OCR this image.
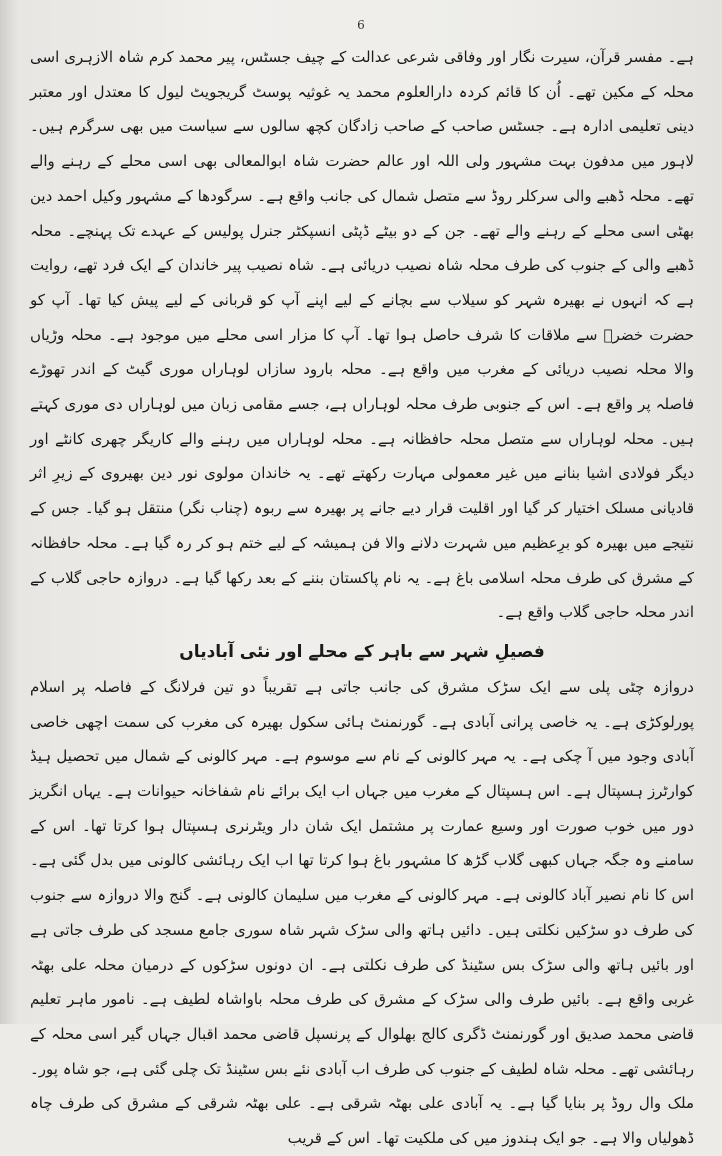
6

ہے۔ مفسر قرآن، سیرت نگار اور وفاقی شرعی عدالت کے چیف جسٹس، پیر محمد کرم شاہ الازہری اسی محلہ کے مکین تھے۔ اُن کا قائم کردہ دارالعلوم محمد یہ غوثیہ پوسٹ گریجویٹ لیول کا معتدل اور معتبر دینی تعلیمی ادارہ ہے۔ جسٹس صاحب کے صاحب زادگان کچھ سالوں سے سیاست میں بھی سرگرم ہیں۔ لاہور میں مدفون بہت مشہور ولی اللہ اور عالم حضرت شاہ ابوالمعالی بھی اسی محلے کے رہنے والے تھے۔ محلہ ڈھبے والی سرکلر روڈ سے متصل شمال کی جانب واقع ہے۔ سرگودھا کے مشہور وکیل احمد دین بھٹی اسی محلے کے رہنے والے تھے۔ جن کے دو بیٹے ڈپٹی انسپکٹر جنرل پولیس کے عہدے تک پہنچے۔ محلہ ڈھبے والی کے جنوب کی طرف محلہ شاہ نصیب دریائی ہے۔ شاہ نصیب پیر خاندان کے ایک فرد تھے، روایت ہے کہ انہوں نے بھیرہ شہر کو سیلاب سے بچانے کے لیے اپنے آپ کو قربانی کے لیے پیش کیا تھا۔ آپ کو حضرت خضرؑ سے ملاقات کا شرف حاصل ہوا تھا۔ آپ کا مزار اسی محلے میں موجود ہے۔ محلہ وڑیاں والا محلہ نصیب دریائی کے مغرب میں واقع ہے۔ محلہ بارود سازاں لوہاراں موری گیٹ کے اندر تھوڑے فاصلہ پر واقع ہے۔ اس کے جنوبی طرف محلہ لوہاراں ہے، جسے مقامی زبان میں لوہاراں دی موری کہتے ہیں۔ محلہ لوہاراں سے متصل محلہ حافظانہ ہے۔ محلہ لوہاراں میں رہنے والے کاریگر چھری کانٹے اور دیگر فولادی اشیا بنانے میں غیر معمولی مہارت رکھتے تھے۔ یہ خاندان مولوی نور دین بھیروی کے زیرِ اثر قادیانی مسلک اختیار کر گیا اور اقلیت قرار دیے جانے پر بھیرہ سے ربوہ (چناب نگر) منتقل ہو گیا۔ جس کے نتیجے میں بھیرہ کو برِعظیم میں شہرت دلانے والا فن ہمیشہ کے لیے ختم ہو کر رہ گیا ہے۔ محلہ حافظانہ کے مشرق کی طرف محلہ اسلامی باغ ہے۔ یہ نام پاکستان بننے کے بعد رکھا گیا ہے۔ دروازہ حاجی گلاب کے اندر محلہ حاجی گلاب واقع ہے۔

فصیلِ شہر سے باہر کے محلے اور نئی آبادیاں

دروازہ چٹی پلی سے ایک سڑک مشرق کی جانب جاتی ہے تقریباً دو تین فرلانگ کے فاصلہ پر اسلام پورلوکڑی ہے۔ یہ خاصی پرانی آبادی ہے۔ گورنمنٹ ہائی سکول بھیرہ کی مغرب کی سمت اچھی خاصی آبادی وجود میں آ چکی ہے۔ یہ مہر کالونی کے نام سے موسوم ہے۔ مہر کالونی کے شمال میں تحصیل ہیڈ کوارٹرز ہسپتال ہے۔ اس ہسپتال کے مغرب میں جہاں اب ایک برائے نام شفاخانہ حیوانات ہے۔ یہاں انگریز دور میں خوب صورت اور وسیع عمارت پر مشتمل ایک شان دار ویٹرنری ہسپتال ہوا کرتا تھا۔ اس کے سامنے وہ جگہ جہاں کبھی گلاب گڑھ کا مشہور باغ ہوا کرتا تھا اب ایک رہائشی کالونی میں بدل گئی ہے۔ اس کا نام نصیر آباد کالونی ہے۔ مہر کالونی کے مغرب میں سلیمان کالونی ہے۔ گنج والا دروازہ سے جنوب کی طرف دو سڑکیں نکلتی ہیں۔ دائیں ہاتھ والی سڑک شہر شاہ سوری جامع مسجد کی طرف جاتی ہے اور بائیں ہاتھ والی سڑک بس سٹینڈ کی طرف نکلتی ہے۔ ان دونوں سڑکوں کے درمیان محلہ علی بھٹہ غربی واقع ہے۔ بائیں طرف والی سڑک کے مشرق کی طرف محلہ باواشاہ لطیف ہے۔ نامور ماہر تعلیم قاضی محمد صدیق اور گورنمنٹ ڈگری کالج بھلوال کے پرنسپل قاضی محمد اقبال جہاں گیر اسی محلہ کے رہائشی تھے۔ محلہ شاہ لطیف کے جنوب کی طرف اب آبادی نئے بس سٹینڈ تک چلی گئی ہے، جو شاہ پور۔ ملک وال روڈ پر بنایا گیا ہے۔ یہ آبادی علی بھٹہ شرقی ہے۔ علی بھٹہ شرقی کے مشرق کی طرف چاہ ڈھولیاں والا ہے۔ جو ایک ہندوز میں کی ملکیت تھا۔ اس کے قریب
